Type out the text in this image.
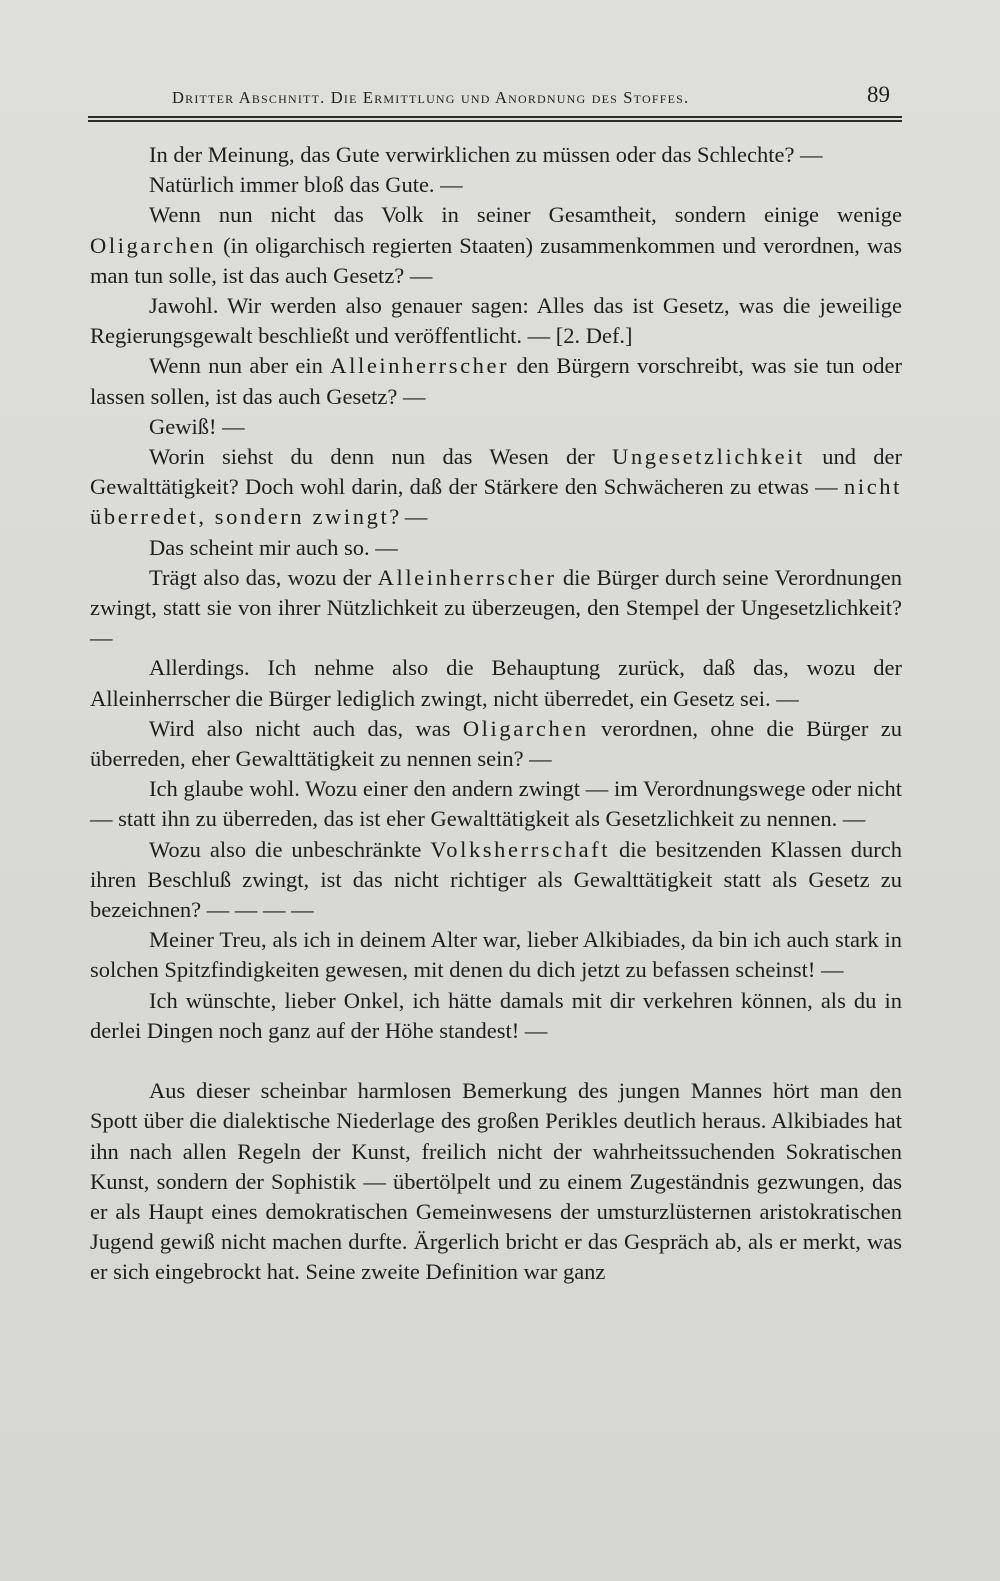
Dritter Abschnitt. Die Ermittlung und Anordnung des Stoffes.	89

In der Meinung, das Gute verwirklichen zu müssen oder das Schlechte? —

Natürlich immer bloß das Gute. —

Wenn nun nicht das Volk in seiner Gesamtheit, sondern einige wenige Oligarchen (in oligarchisch regierten Staaten) zusammenkommen und verordnen, was man tun solle, ist das auch Gesetz? —

Jawohl. Wir werden also genauer sagen: Alles das ist Gesetz, was die jeweilige Regierungsgewalt beschließt und veröffentlicht. — [2. Def.]

Wenn nun aber ein Alleinherrscher den Bürgern vorschreibt, was sie tun oder lassen sollen, ist das auch Gesetz? —

Gewiß! —

Worin siehst du denn nun das Wesen der Ungesetzlichkeit und der Gewalttätigkeit? Doch wohl darin, daß der Stärkere den Schwächeren zu etwas — nicht überredet, sondern zwingt? —

Das scheint mir auch so. —

Trägt also das, wozu der Alleinherrscher die Bürger durch seine Verordnungen zwingt, statt sie von ihrer Nützlichkeit zu überzeugen, den Stempel der Ungesetzlichkeit? —

Allerdings. Ich nehme also die Behauptung zurück, daß das, wozu der Alleinherrscher die Bürger lediglich zwingt, nicht überredet, ein Gesetz sei. —

Wird also nicht auch das, was Oligarchen verordnen, ohne die Bürger zu überreden, eher Gewalttätigkeit zu nennen sein? —

Ich glaube wohl. Wozu einer den andern zwingt — im Verordnungswege oder nicht — statt ihn zu überreden, das ist eher Gewalttätigkeit als Gesetzlichkeit zu nennen. —

Wozu also die unbeschränkte Volksherrschaft die besitzenden Klassen durch ihren Beschluß zwingt, ist das nicht richtiger als Gewalttätigkeit statt als Gesetz zu bezeichnen? — — — —

Meiner Treu, als ich in deinem Alter war, lieber Alkibiades, da bin ich auch stark in solchen Spitzfindigkeiten gewesen, mit denen du dich jetzt zu befassen scheinst! —

Ich wünschte, lieber Onkel, ich hätte damals mit dir verkehren können, als du in derlei Dingen noch ganz auf der Höhe standest! —

Aus dieser scheinbar harmlosen Bemerkung des jungen Mannes hört man den Spott über die dialektische Niederlage des großen Perikles deutlich heraus. Alkibiades hat ihn nach allen Regeln der Kunst, freilich nicht der wahrheitssuchenden Sokratischen Kunst, sondern der Sophistik — übertölpelt und zu einem Zugeständnis gezwungen, das er als Haupt eines demokratischen Gemeinwesens der umsturzlüsternen aristokratischen Jugend gewiß nicht machen durfte. Ärgerlich bricht er das Gespräch ab, als er merkt, was er sich eingebrockt hat. Seine zweite Definition war ganz
